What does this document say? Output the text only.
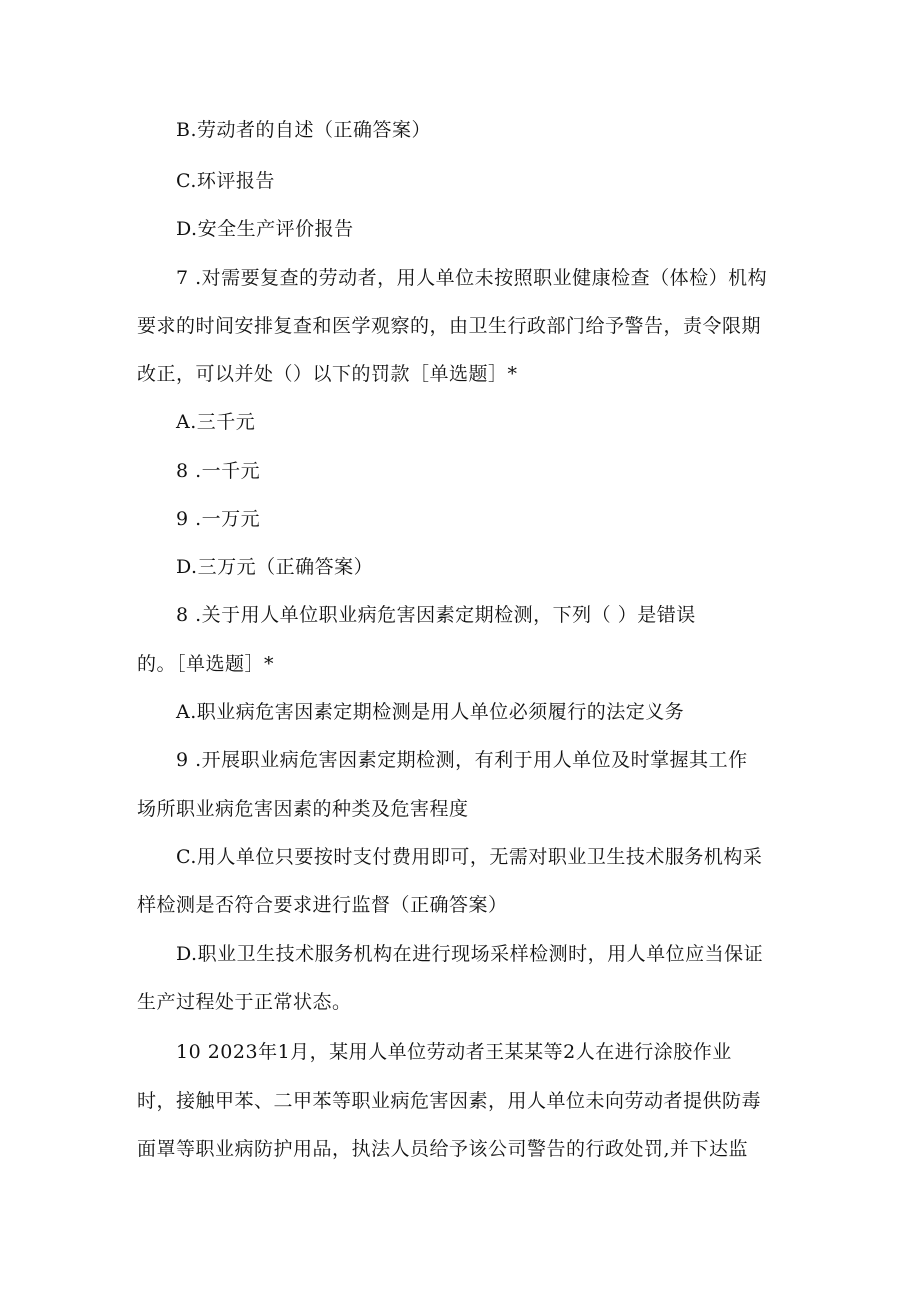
B.劳动者的自述（正确答案）
C.环评报告
D.安全生产评价报告
7 .对需要复查的劳动者，用人单位未按照职业健康检查（体检）机构
要求的时间安排复查和医学观察的，由卫生行政部门给予警告，责令限期
改正，可以并处（）以下的罚款［单选题］*
A.三千元
8 .一千元
9 .一万元
D.三万元（正确答案）
8 .关于用人单位职业病危害因素定期检测，下列（ ）是错误
的。［单选题］*
A.职业病危害因素定期检测是用人单位必须履行的法定义务
9 .开展职业病危害因素定期检测，有利于用人单位及时掌握其工作
场所职业病危害因素的种类及危害程度
C.用人单位只要按时支付费用即可，无需对职业卫生技术服务机构采
样检测是否符合要求进行监督（正确答案）
D.职业卫生技术服务机构在进行现场采样检测时，用人单位应当保证
生产过程处于正常状态。
10 2023年1月，某用人单位劳动者王某某等2人在进行涂胶作业
时，接触甲苯、二甲苯等职业病危害因素，用人单位未向劳动者提供防毒
面罩等职业病防护用品，执法人员给予该公司警告的行政处罚,并下达监
